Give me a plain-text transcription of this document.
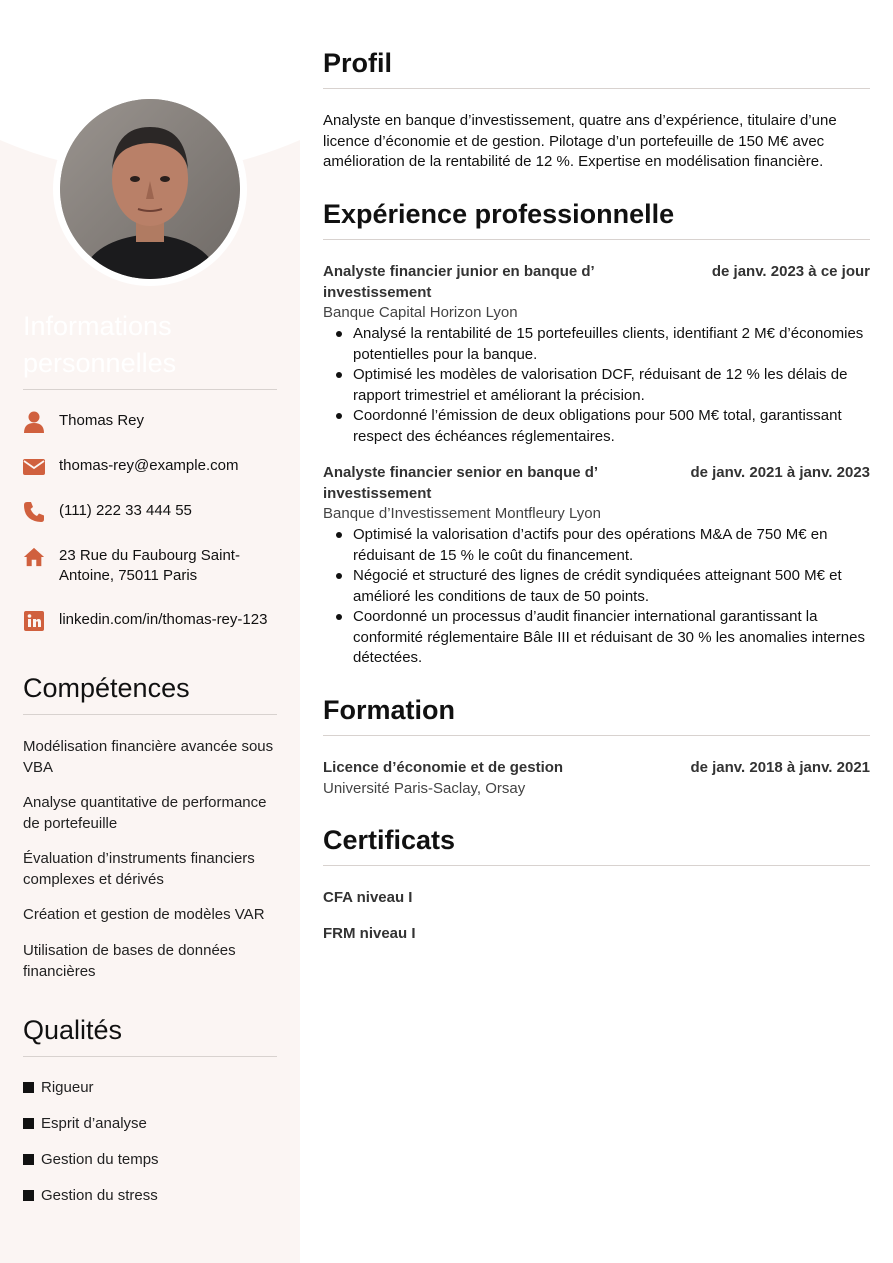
Informations personnelles
Thomas Rey
thomas-rey@example.com
(111) 222 33 444 55
23 Rue du Faubourg Saint-Antoine, 75011 Paris
linkedin.com/in/thomas-rey-123
Compétences
Modélisation financière avancée sous VBA
Analyse quantitative de performance de portefeuille
Évaluation d’instruments financiers complexes et dérivés
Création et gestion de modèles VAR
Utilisation de bases de données financières
Qualités
Rigueur
Esprit d’analyse
Gestion du temps
Gestion du stress
Profil

Analyste en banque d’investissement, quatre ans d’expérience, titulaire d’une licence d’économie et de gestion. Pilotage d’un portefeuille de 150 M€ avec amélioration de la rentabilité de 12 %. Expertise en modélisation financière.

Expérience professionnelle
Analyste financier junior en banque d’ investissement
de janv. 2023 à ce jour
Banque Capital Horizon Lyon
Analysé la rentabilité de 15 portefeuilles clients, identifiant 2 M€ d’économies potentielles pour la banque.
Optimisé les modèles de valorisation DCF, réduisant de 12 % les délais de rapport trimestriel et améliorant la précision.
Coordonné l’émission de deux obligations pour 500 M€ total, garantissant respect des échéances réglementaires.
Analyste financier senior en banque d’ investissement
de janv. 2021 à janv. 2023
Banque d’Investissement Montfleury Lyon
Optimisé la valorisation d’actifs pour des opérations M&A de 750 M€ en réduisant de 15 % le coût du financement.
Négocié et structuré des lignes de crédit syndiquées atteignant 500 M€ et amélioré les conditions de taux de 50 points.
Coordonné un processus d’audit financier international garantissant la conformité réglementaire Bâle III et réduisant de 30 % les anomalies internes détectées.
Formation
Licence d’économie et de gestion	de janv. 2018 à janv. 2021
Université Paris-Saclay, Orsay
Certificats
CFA niveau I
FRM niveau I
